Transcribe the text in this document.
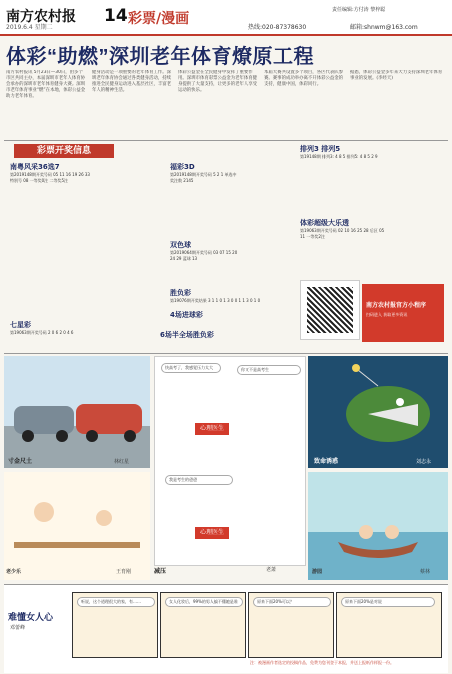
南方农村报
2019.6.4 星期二
14 彩票/漫画
责任编辑:方付涛 黎梓聪
热线:020-87378630	邮箱:shnwm@163.com
体彩“助燃”深圳老年体育燎原工程
南方农村报讯 5月23日—30日，由多个市区共同主办，本届深圳市老年人体育协会承办的深圳市老年体育健身大赛。深圳市老年体育事业“燃”在本地，体彩公益金助力老年体育。
健身活动是一项重要的老年体育工作。深圳老年体育协会通过各类健身活动，持续推进全民健身运动进入基层社区，丰富老年人的精神生活。
体彩公益金在全民健身中发挥了重要作用。深圳市体育彩票公益金为老年体育健身提供了大量支持，让更多的老年人享受运动的快乐。
本届大赛共设置多个项目，各区代表队参赛。赛事的成功举办离不开体彩公益金的支持，健康中国，体彩同行。
据悉，体彩公益金多年来大力支持深圳老年体育事业的发展。(李经天)
彩票开奖信息
南粤风采36选7
第2019148期开奖号码 05 11 16 19 26 33 特别号 08 一等奖0注 二等奖5注
七星彩
第19063期开奖号码 2 0 6 2 0 4 6
福彩3D
第2019148期开奖号码 5 2 1 单选中奖注数 2145
双色球
第2019064期开奖号码 03 07 15 20 24 29 蓝球 13
胜负彩
第19076期开奖结果 3 1 1 0 1 3 0 0 1 1 3 0 1 0
4场进球彩
6场半全场胜负彩
排列3 排列5
第19148期 排列3: 4 8 5 排列5: 4 8 5 2 9
体彩超级大乐透
第19063期开奖号码 02 10 16 25 28 后区 05 11 一等奖2注
南方农村报官方小程序
扫码进入 获取更多资讯
寸金尺土	林红星
快高考了，我感觉压力太大	你又不是高考生
心理医生
我是考生的爸爸
心理医生
致命诱惑	刘志永
老少乐	王育刚	减压	老萧	游园	蔡林
难懂女人心
邓蕾峰
听说，这个道理很大的家，有……	女人化妆后，99%的男人搞不懂她是谁	原来下面20%可以？	原来下面20%是对说
注：被漫画作者选定的投稿作品，免费为您刊登于本报，并送上报纸作样报一份。
